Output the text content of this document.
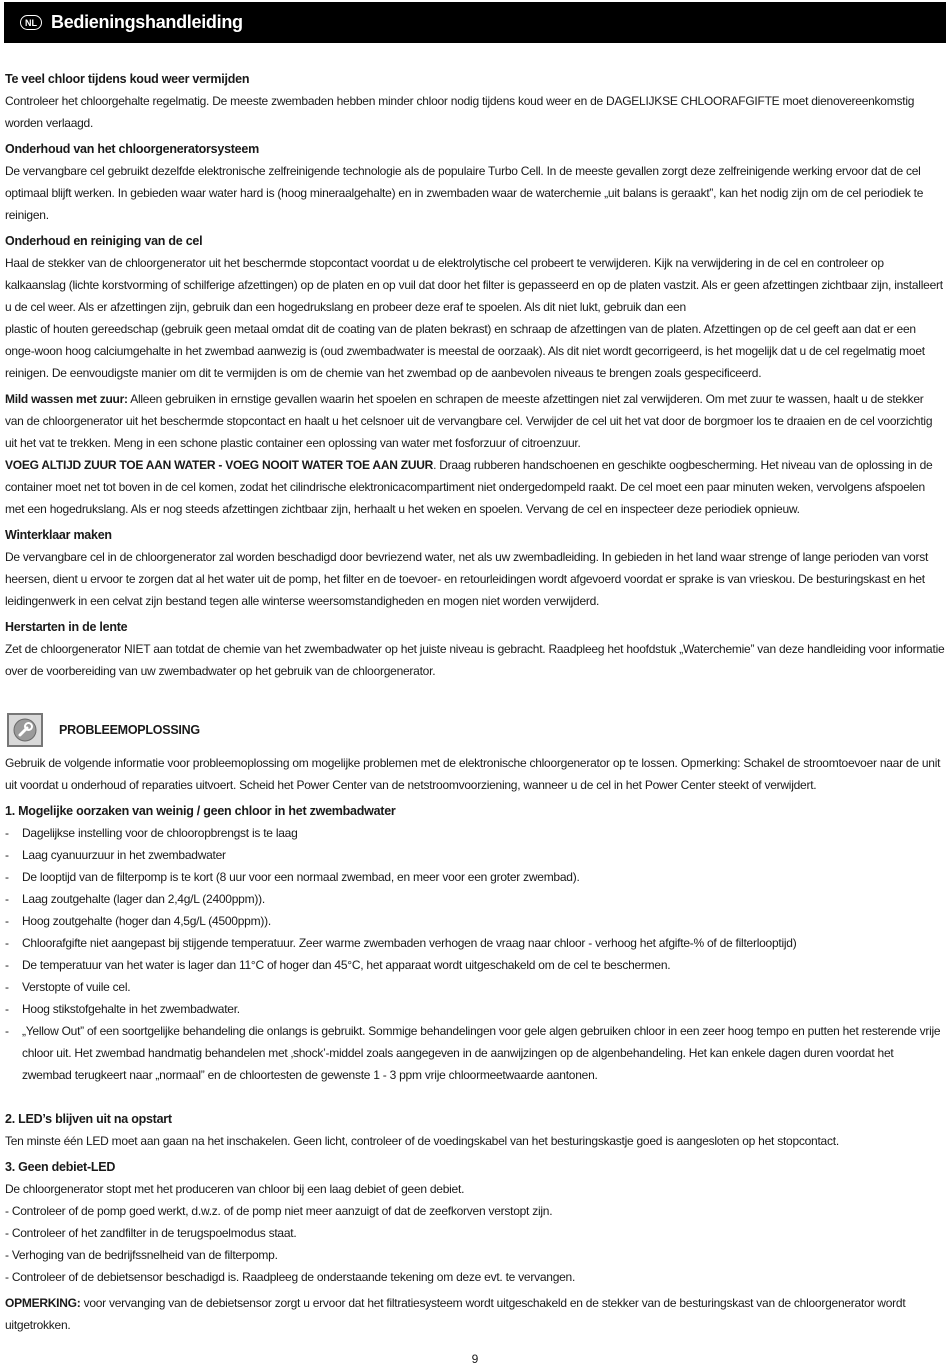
NL Bedieningshandleiding
Te veel chloor tijdens koud weer vermijden

Controleer het chloorgehalte regelmatig. De meeste zwembaden hebben minder chloor nodig tijdens koud weer en de DAGELIJKSE CHLOORAFGIFTE moet dienovereenkomstig worden verlaagd.

Onderhoud van het chloorgeneratorsysteem

De vervangbare cel gebruikt dezelfde elektronische zelfreinigende technologie als de populaire Turbo Cell. In de meeste gevallen zorgt deze zelfreinigende werking ervoor dat de cel optimaal blijft werken. In gebieden waar water hard is (hoog mineraalgehalte) en in zwembaden waar de waterchemie „uit balans is geraakt”, kan het nodig zijn om de cel periodiek te reinigen.

Onderhoud en reiniging van de cel

Haal de stekker van de chloorgenerator uit het beschermde stopcontact voordat u de elektrolytische cel probeert te verwijderen. Kijk na verwijdering in de cel en controleer op kalkaanslag (lichte korstvorming of schilferige afzettingen) op de platen en op vuil dat door het filter is gepasseerd en op de platen vastzit. Als er geen afzettingen zichtbaar zijn, installeert u de cel weer. Als er afzettingen zijn, gebruik dan een hogedrukslang en probeer deze eraf te spoelen. Als dit niet lukt, gebruik dan een

plastic of houten gereedschap (gebruik geen metaal omdat dit de coating van de platen bekrast) en schraap de afzettingen van de platen. Afzettingen op de cel geeft aan dat er een onge-woon hoog calciumgehalte in het zwembad aanwezig is (oud zwembadwater is meestal de oorzaak). Als dit niet wordt gecorrigeerd, is het mogelijk dat u de cel regelmatig moet reinigen. De eenvoudigste manier om dit te vermijden is om de chemie van het zwembad op de aanbevolen niveaus te brengen zoals gespecificeerd.

Mild wassen met zuur: Alleen gebruiken in ernstige gevallen waarin het spoelen en schrapen de meeste afzettingen niet zal verwijderen. Om met zuur te wassen, haalt u de stekker van de chloorgenerator uit het beschermde stopcontact en haalt u het celsnoer uit de vervangbare cel. Verwijder de cel uit het vat door de borgmoer los te draaien en de cel voorzichtig uit het vat te trekken. Meng in een schone plastic container een oplossing van water met fosforzuur of citroenzuur.

VOEG ALTIJD ZUUR TOE AAN WATER - VOEG NOOIT WATER TOE AAN ZUUR. Draag rubberen handschoenen en geschikte oogbescherming. Het niveau van de oplossing in de container moet net tot boven in de cel komen, zodat het cilindrische elektronicacompartiment niet ondergedompeld raakt. De cel moet een paar minuten weken, vervolgens afspoelen met een hogedrukslang. Als er nog steeds afzettingen zichtbaar zijn, herhaalt u het weken en spoelen. Vervang de cel en inspecteer deze periodiek opnieuw.

Winterklaar maken

De vervangbare cel in de chloorgenerator zal worden beschadigd door bevriezend water, net als uw zwembadleiding. In gebieden in het land waar strenge of lange perioden van vorst heersen, dient u ervoor te zorgen dat al het water uit de pomp, het filter en de toevoer- en retourleidingen wordt afgevoerd voordat er sprake is van vrieskou. De besturingskast en het leidingenwerk in een celvat zijn bestand tegen alle winterse weersomstandigheden en mogen niet worden verwijderd.

Herstarten in de lente

Zet de chloorgenerator NIET aan totdat de chemie van het zwembadwater op het juiste niveau is gebracht. Raadpleeg het hoofdstuk „Waterchemie” van deze handleiding voor informatie over de voorbereiding van uw zwembadwater op het gebruik van de chloorgenerator.

PROBLEEMOPLOSSING

Gebruik de volgende informatie voor probleemoplossing om mogelijke problemen met de elektronische chloorgenerator op te lossen. Opmerking: Schakel de stroomtoevoer naar de unit uit voordat u onderhoud of reparaties uitvoert. Scheid het Power Center van de netstroomvoorziening, wanneer u de cel in het Power Center steekt of verwijdert.

1. Mogelijke oorzaken van weinig / geen chloor in het zwembadwater
- Dagelijkse instelling voor de chlooropbrengst is te laag
- Laag cyanuurzuur in het zwembadwater
- De looptijd van de filterpomp is te kort (8 uur voor een normaal zwembad, en meer voor een groter zwembad).
- Laag zoutgehalte (lager dan 2,4g/L (2400ppm)).
- Hoog zoutgehalte (hoger dan 4,5g/L (4500ppm)).
- Chloorafgifte niet aangepast bij stijgende temperatuur. Zeer warme zwembaden verhogen de vraag naar chloor - verhoog het afgifte-% of de filterlooptijd)
- De temperatuur van het water is lager dan 11°C of hoger dan 45°C, het apparaat wordt uitgeschakeld om de cel te beschermen.
- Verstopte of vuile cel.
- Hoog stikstofgehalte in het zwembadwater.
- „Yellow Out” of een soortgelijke behandeling die onlangs is gebruikt. Sommige behandelingen voor gele algen gebruiken chloor in een zeer hoog tempo en putten het resterende vrije chloor uit. Het zwembad handmatig behandelen met ‚shock’-middel zoals aangegeven in de aanwijzingen op de algenbehandeling. Het kan enkele dagen duren voordat het zwembad terugkeert naar „normaal” en de chloortesten de gewenste 1 - 3 ppm vrije chloormeetwaarde aantonen.
2. LED’s blijven uit na opstart

Ten minste één LED moet aan gaan na het inschakelen. Geen licht, controleer of de voedingskabel van het besturingskastje goed is aangesloten op het stopcontact.

3. Geen debiet-LED

De chloorgenerator stopt met het produceren van chloor bij een laag debiet of geen debiet.

- Controleer of de pomp goed werkt, d.w.z. of de pomp niet meer aanzuigt of dat de zeefkorven verstopt zijn.

- Controleer of het zandfilter in de terugspoelmodus staat.

- Verhoging van de bedrijfssnelheid van de filterpomp.

- Controleer of de debietsensor beschadigd is. Raadpleeg de onderstaande tekening om deze evt. te vervangen.

OPMERKING: voor vervanging van de debietsensor zorgt u ervoor dat het filtratiesysteem wordt uitgeschakeld en de stekker van de besturingskast van de chloorgenerator wordt uitgetrokken.

9
